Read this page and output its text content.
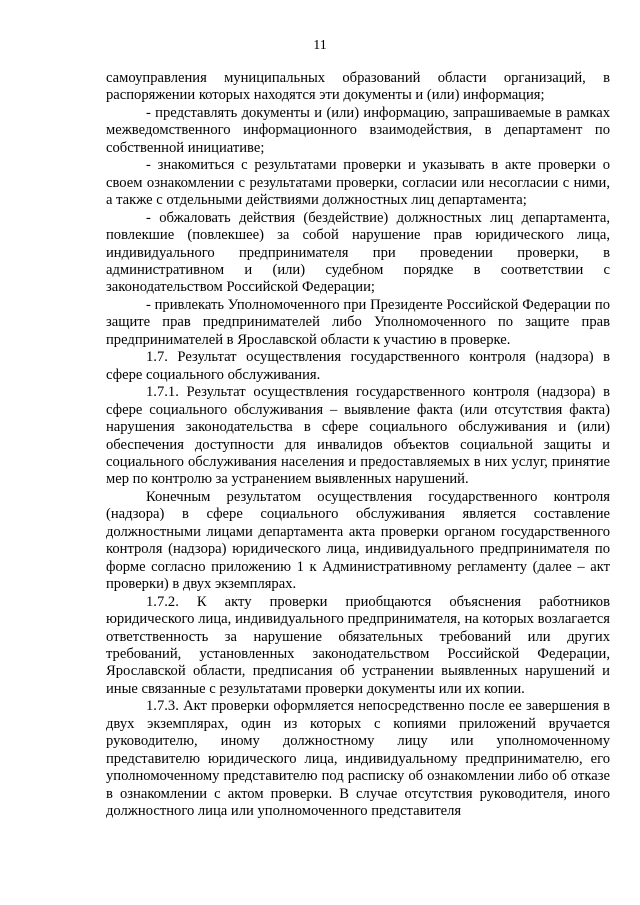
11

самоуправления муниципальных образований области организаций, в распоряжении которых находятся эти документы и (или) информация;

- представлять документы и (или) информацию, запрашиваемые в рамках межведомственного информационного взаимодействия, в департамент по собственной инициативе;

- знакомиться с результатами проверки и указывать в акте проверки о своем ознакомлении с результатами проверки, согласии или несогласии с ними, а также с отдельными действиями должностных лиц департамента;

- обжаловать действия (бездействие) должностных лиц департамента, повлекшие (повлекшее) за собой нарушение прав юридического лица, индивидуального предпринимателя при проведении проверки, в административном и (или) судебном порядке в соответствии с законодательством Российской Федерации;

- привлекать Уполномоченного при Президенте Российской Федерации по защите прав предпринимателей либо Уполномоченного по защите прав предпринимателей в Ярославской области к участию в проверке.

1.7. Результат осуществления государственного контроля (надзора) в сфере социального обслуживания.

1.7.1. Результат осуществления государственного контроля (надзора) в сфере социального обслуживания – выявление факта (или отсутствия факта) нарушения законодательства в сфере социального обслуживания и (или) обеспечения доступности для инвалидов объектов социальной защиты и социального обслуживания населения и предоставляемых в них услуг, принятие мер по контролю за устранением выявленных нарушений.

Конечным результатом осуществления государственного контроля (надзора) в сфере социального обслуживания является составление должностными лицами департамента акта проверки органом государственного контроля (надзора) юридического лица, индивидуального предпринимателя по форме согласно приложению 1 к Административному регламенту (далее – акт проверки) в двух экземплярах.

1.7.2. К акту проверки приобщаются объяснения работников юридического лица, индивидуального предпринимателя, на которых возлагается ответственность за нарушение обязательных требований или других требований, установленных законодательством Российской Федерации, Ярославской области, предписания об устранении выявленных нарушений и иные связанные с результатами проверки документы или их копии.

1.7.3. Акт проверки оформляется непосредственно после ее завершения в двух экземплярах, один из которых с копиями приложений вручается руководителю, иному должностному лицу или уполномоченному представителю юридического лица, индивидуальному предпринимателю, его уполномоченному представителю под расписку об ознакомлении либо об отказе в ознакомлении с актом проверки. В случае отсутствия руководителя, иного должностного лица или уполномоченного представителя
